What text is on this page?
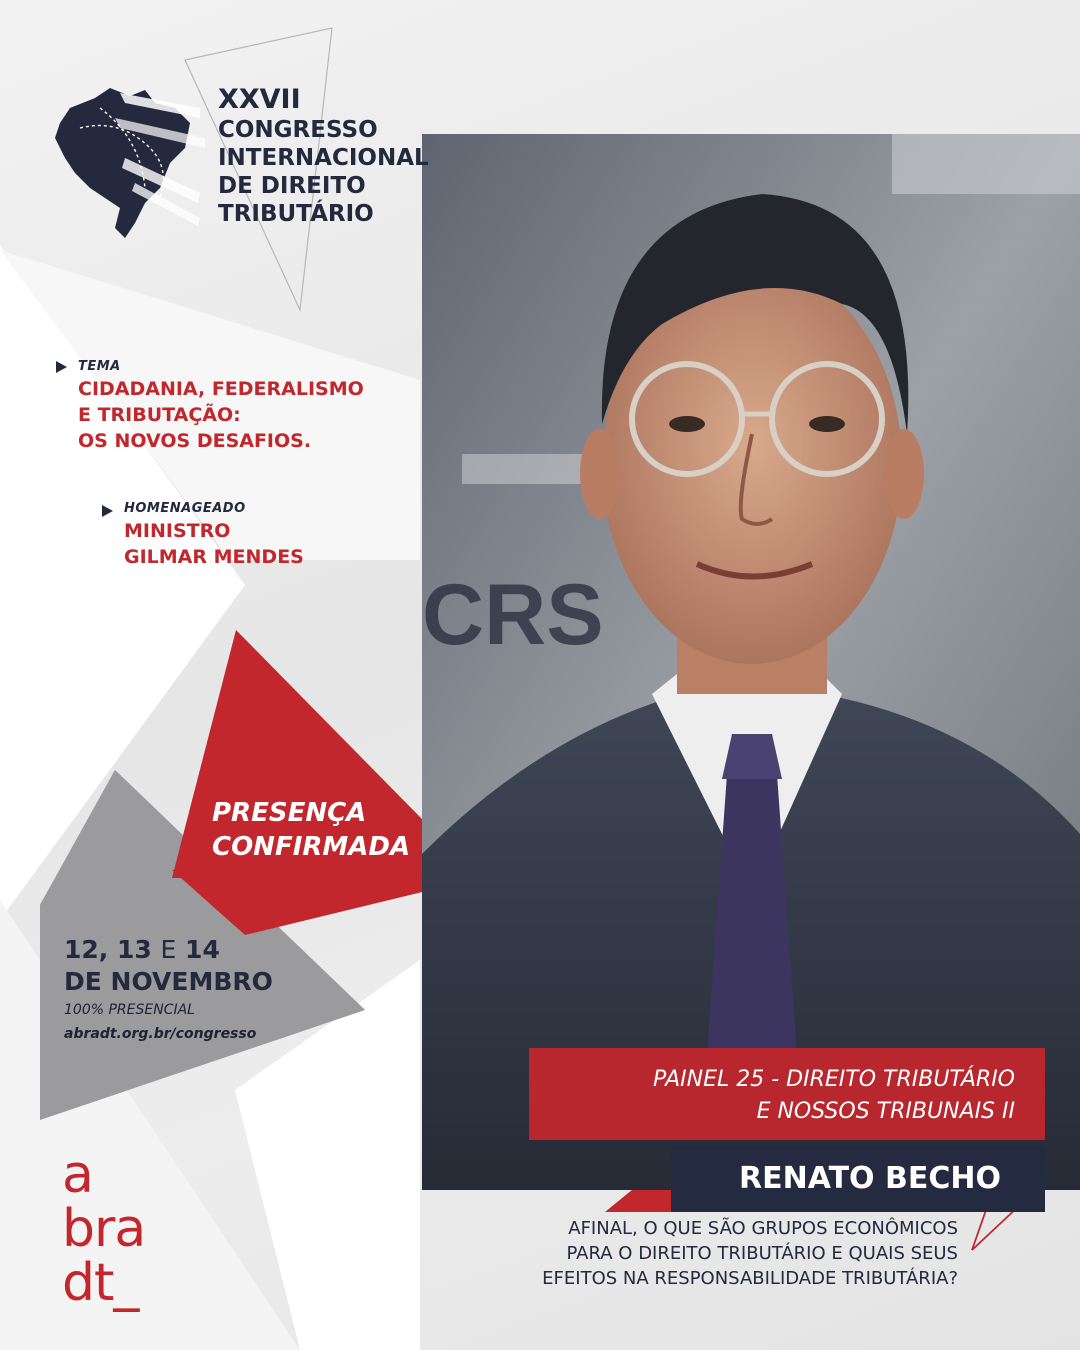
CRS
XXVII
CONGRESSO
INTERNACIONAL
DE DIREITO
TRIBUTÁRIO
TEMA
CIDADANIA, FEDERALISMO
E TRIBUTAÇÃO:
OS NOVOS DESAFIOS.
HOMENAGEADO
MINISTRO
GILMAR MENDES
PRESENÇA
CONFIRMADA
12, 13 E 14
DE NOVEMBRO
100% PRESENCIAL
abradt.org.br/congresso
PAINEL 25 - DIREITO TRIBUTÁRIO
E NOSSOS TRIBUNAIS II
RENATO BECHO
AFINAL, O QUE SÃO GRUPOS ECONÔMICOS
PARA O DIREITO TRIBUTÁRIO E QUAIS SEUS
EFEITOS NA RESPONSABILIDADE TRIBUTÁRIA?
a
bra
dt_
